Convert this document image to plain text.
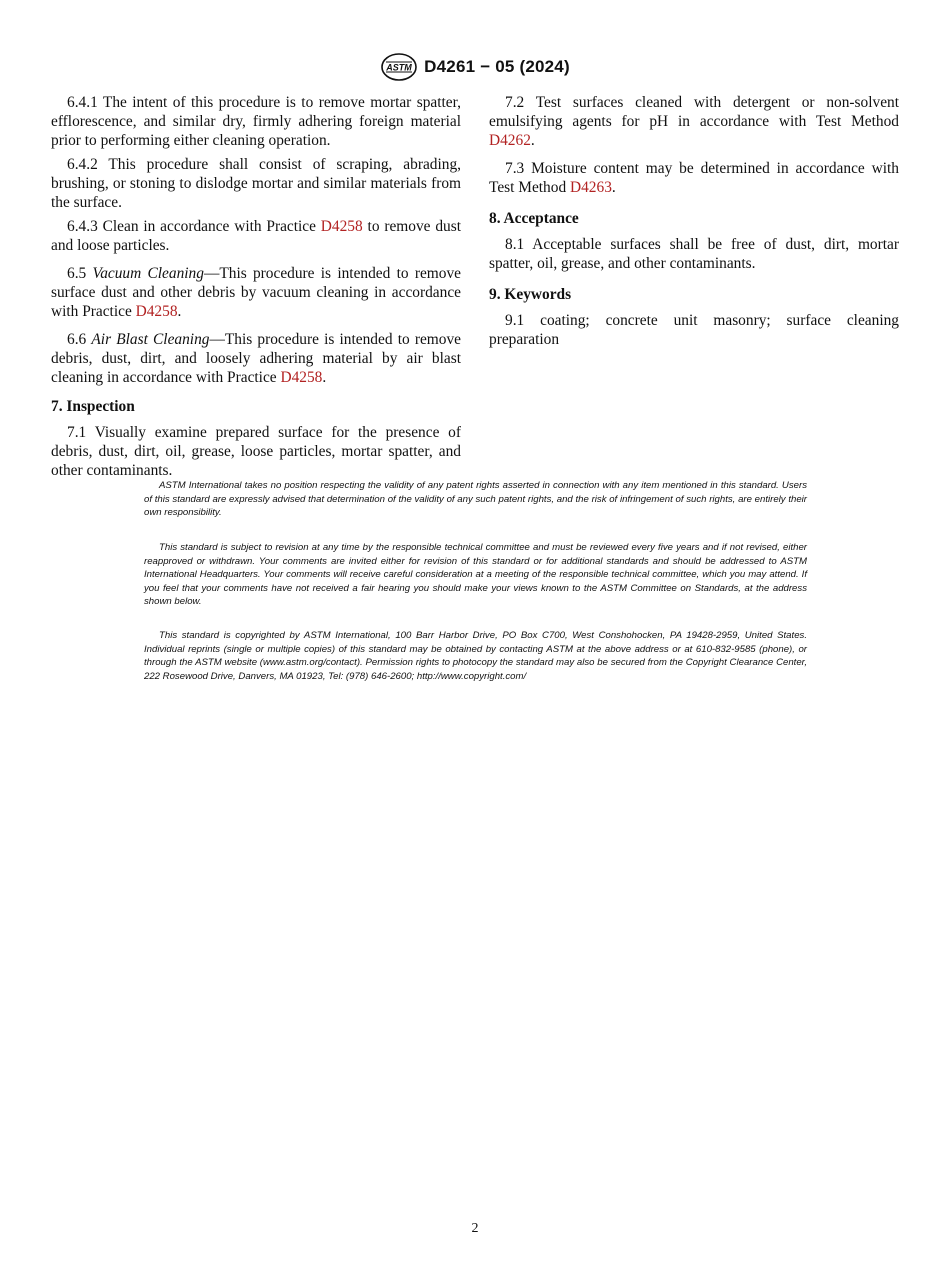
ASTM D4261 − 05 (2024)

6.4.1 The intent of this procedure is to remove mortar spatter, efflorescence, and similar dry, firmly adhering foreign material prior to performing either cleaning operation.

6.4.2 This procedure shall consist of scraping, abrading, brushing, or stoning to dislodge mortar and similar materials from the surface.

6.4.3 Clean in accordance with Practice D4258 to remove dust and loose particles.

6.5 Vacuum Cleaning—This procedure is intended to remove surface dust and other debris by vacuum cleaning in accordance with Practice D4258.

6.6 Air Blast Cleaning—This procedure is intended to remove debris, dust, dirt, and loosely adhering material by air blast cleaning in accordance with Practice D4258.

7. Inspection

7.1 Visually examine prepared surface for the presence of debris, dust, dirt, oil, grease, loose particles, mortar spatter, and other contaminants.

7.2 Test surfaces cleaned with detergent or non-solvent emulsifying agents for pH in accordance with Test Method D4262.

7.3 Moisture content may be determined in accordance with Test Method D4263.

8. Acceptance

8.1 Acceptable surfaces shall be free of dust, dirt, mortar spatter, oil, grease, and other contaminants.

9. Keywords

9.1 coating; concrete unit masonry; surface cleaning preparation

ASTM International takes no position respecting the validity of any patent rights asserted in connection with any item mentioned in this standard. Users of this standard are expressly advised that determination of the validity of any such patent rights, and the risk of infringement of such rights, are entirely their own responsibility.

This standard is subject to revision at any time by the responsible technical committee and must be reviewed every five years and if not revised, either reapproved or withdrawn. Your comments are invited either for revision of this standard or for additional standards and should be addressed to ASTM International Headquarters. Your comments will receive careful consideration at a meeting of the responsible technical committee, which you may attend. If you feel that your comments have not received a fair hearing you should make your views known to the ASTM Committee on Standards, at the address shown below.

This standard is copyrighted by ASTM International, 100 Barr Harbor Drive, PO Box C700, West Conshohocken, PA 19428-2959, United States. Individual reprints (single or multiple copies) of this standard may be obtained by contacting ASTM at the above address or at 610-832-9585 (phone), or through the ASTM website (www.astm.org/contact). Permission rights to photocopy the standard may also be secured from the Copyright Clearance Center, 222 Rosewood Drive, Danvers, MA 01923, Tel: (978) 646-2600; http://www.copyright.com/

2
